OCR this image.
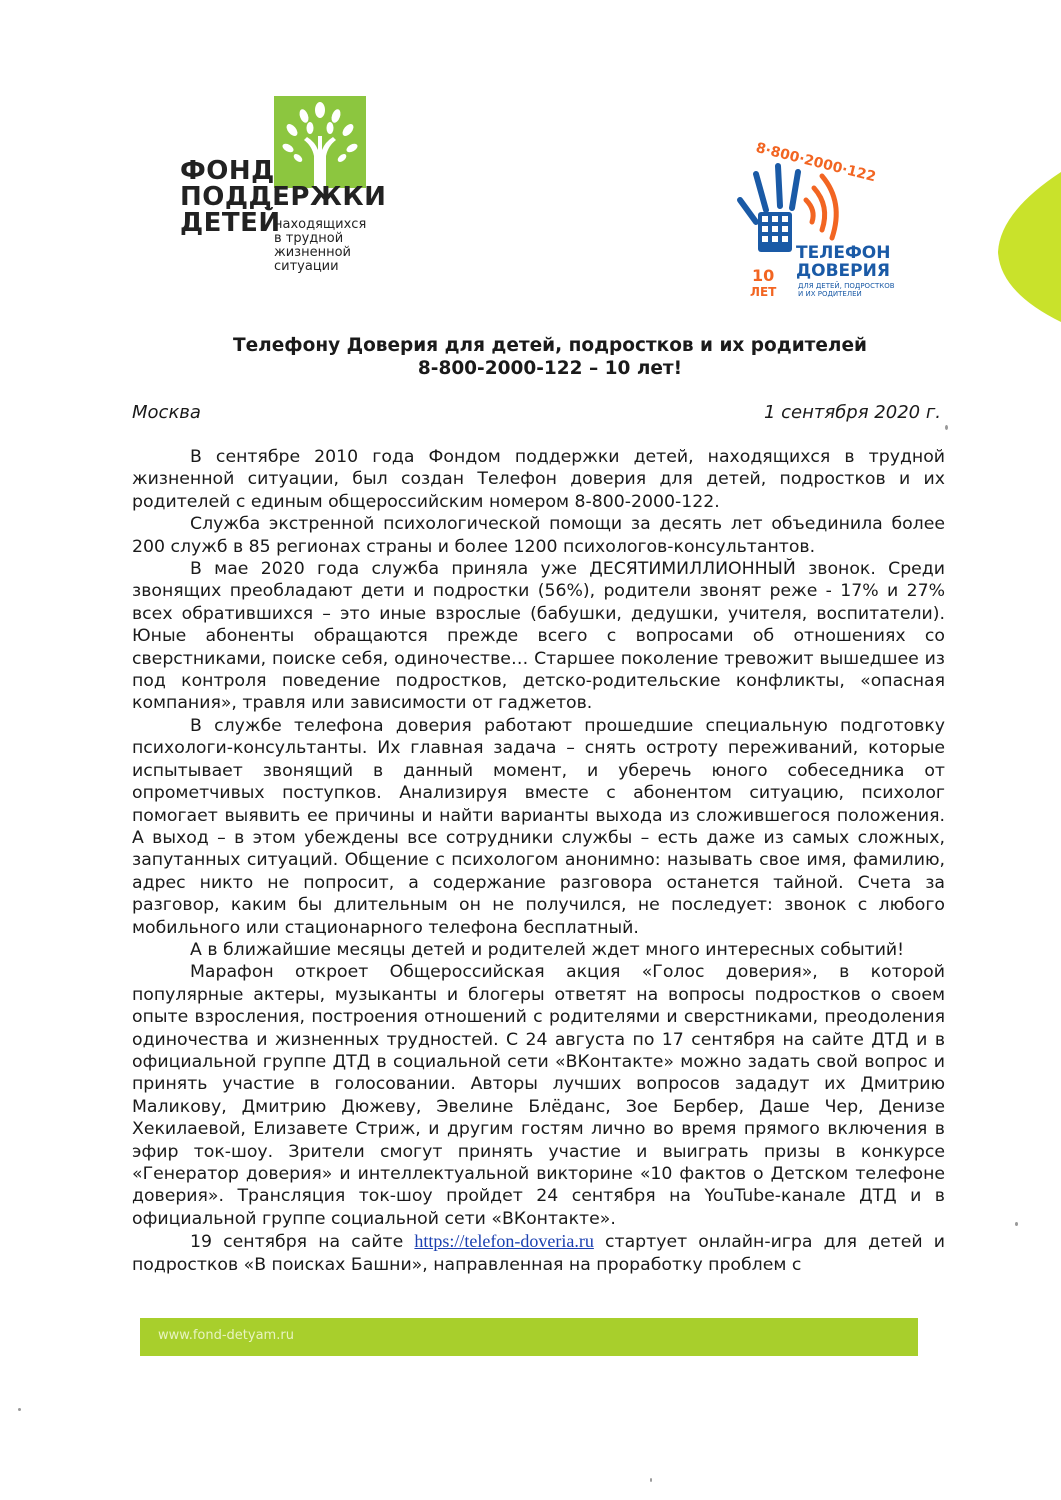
ФОНД
ПОДДЕРЖКИ
ДЕТЕЙ
находящихся
в трудной
жизненной
ситуации
8·800·2000·122
ТЕЛЕФОН
ДОВЕРИЯ
10
ЛЕТ	ДЛЯ ДЕТЕЙ, ПОДРОСТКОВ
И ИХ РОДИТЕЛЕЙ
Телефону Доверия для детей, подростков и их родителей
8-800-2000-122 – 10 лет!
Москва	1 сентября 2020 г.

В сентябре 2010 года Фондом поддержки детей, находящихся в трудной жизненной ситуации, был создан Телефон доверия для детей, подростков и их родителей с единым общероссийским номером 8-800-2000-122.

Служба экстренной психологической помощи за десять лет объединила более 200 служб в 85 регионах страны и более 1200 психологов-консультантов.

В мае 2020 года служба приняла уже ДЕСЯТИМИЛЛИОННЫЙ звонок. Среди звонящих преобладают дети и подростки (56%), родители звонят реже - 17% и 27% всех обратившихся – это иные взрослые (бабушки, дедушки, учителя, воспитатели). Юные абоненты обращаются прежде всего с вопросами об отношениях со сверстниками, поиске себя, одиночестве… Старшее поколение тревожит вышедшее из под контроля поведение подростков, детско-родительские конфликты, «опасная компания», травля или зависимости от гаджетов.

В службе телефона доверия работают прошедшие специальную подготовку психологи-консультанты. Их главная задача – снять остроту переживаний, которые испытывает звонящий в данный момент, и уберечь юного собеседника от опрометчивых поступков. Анализируя вместе с абонентом ситуацию, психолог помогает выявить ее причины и найти варианты выхода из сложившегося положения. А выход – в этом убеждены все сотрудники службы – есть даже из самых сложных, запутанных ситуаций. Общение с психологом анонимно: называть свое имя, фамилию, адрес никто не попросит, а содержание разговора останется тайной. Счета за разговор, каким бы длительным он не получился, не последует: звонок с любого мобильного или стационарного телефона бесплатный.

А в ближайшие месяцы детей и родителей ждет много интересных событий!

Марафон откроет Общероссийская акция «Голос доверия», в которой популярные актеры, музыканты и блогеры ответят на вопросы подростков о своем опыте взросления, построения отношений с родителями и сверстниками, преодоления одиночества и жизненных трудностей. С 24 августа по 17 сентября на сайте ДТД и в официальной группе ДТД в социальной сети «ВКонтакте» можно задать свой вопрос и принять участие в голосовании. Авторы лучших вопросов зададут их Дмитрию Маликову, Дмитрию Дюжеву, Эвелине Блёданс, Зое Бербер, Даше Чер, Денизе Хекилаевой, Елизавете Стриж, и другим гостям лично во время прямого включения в эфир ток-шоу. Зрители смогут принять участие и выиграть призы в конкурсе «Генератор доверия» и интеллектуальной викторине «10 фактов о Детском телефоне доверия». Трансляция ток-шоу пройдет 24 сентября на YouTube-канале ДТД и в официальной группе социальной сети «ВКонтакте».

19 сентября на сайте https://telefon-doveria.ru стартует онлайн-игра для детей и подростков «В поисках Башни», направленная на проработку проблем с

www.fond-detyam.ru
